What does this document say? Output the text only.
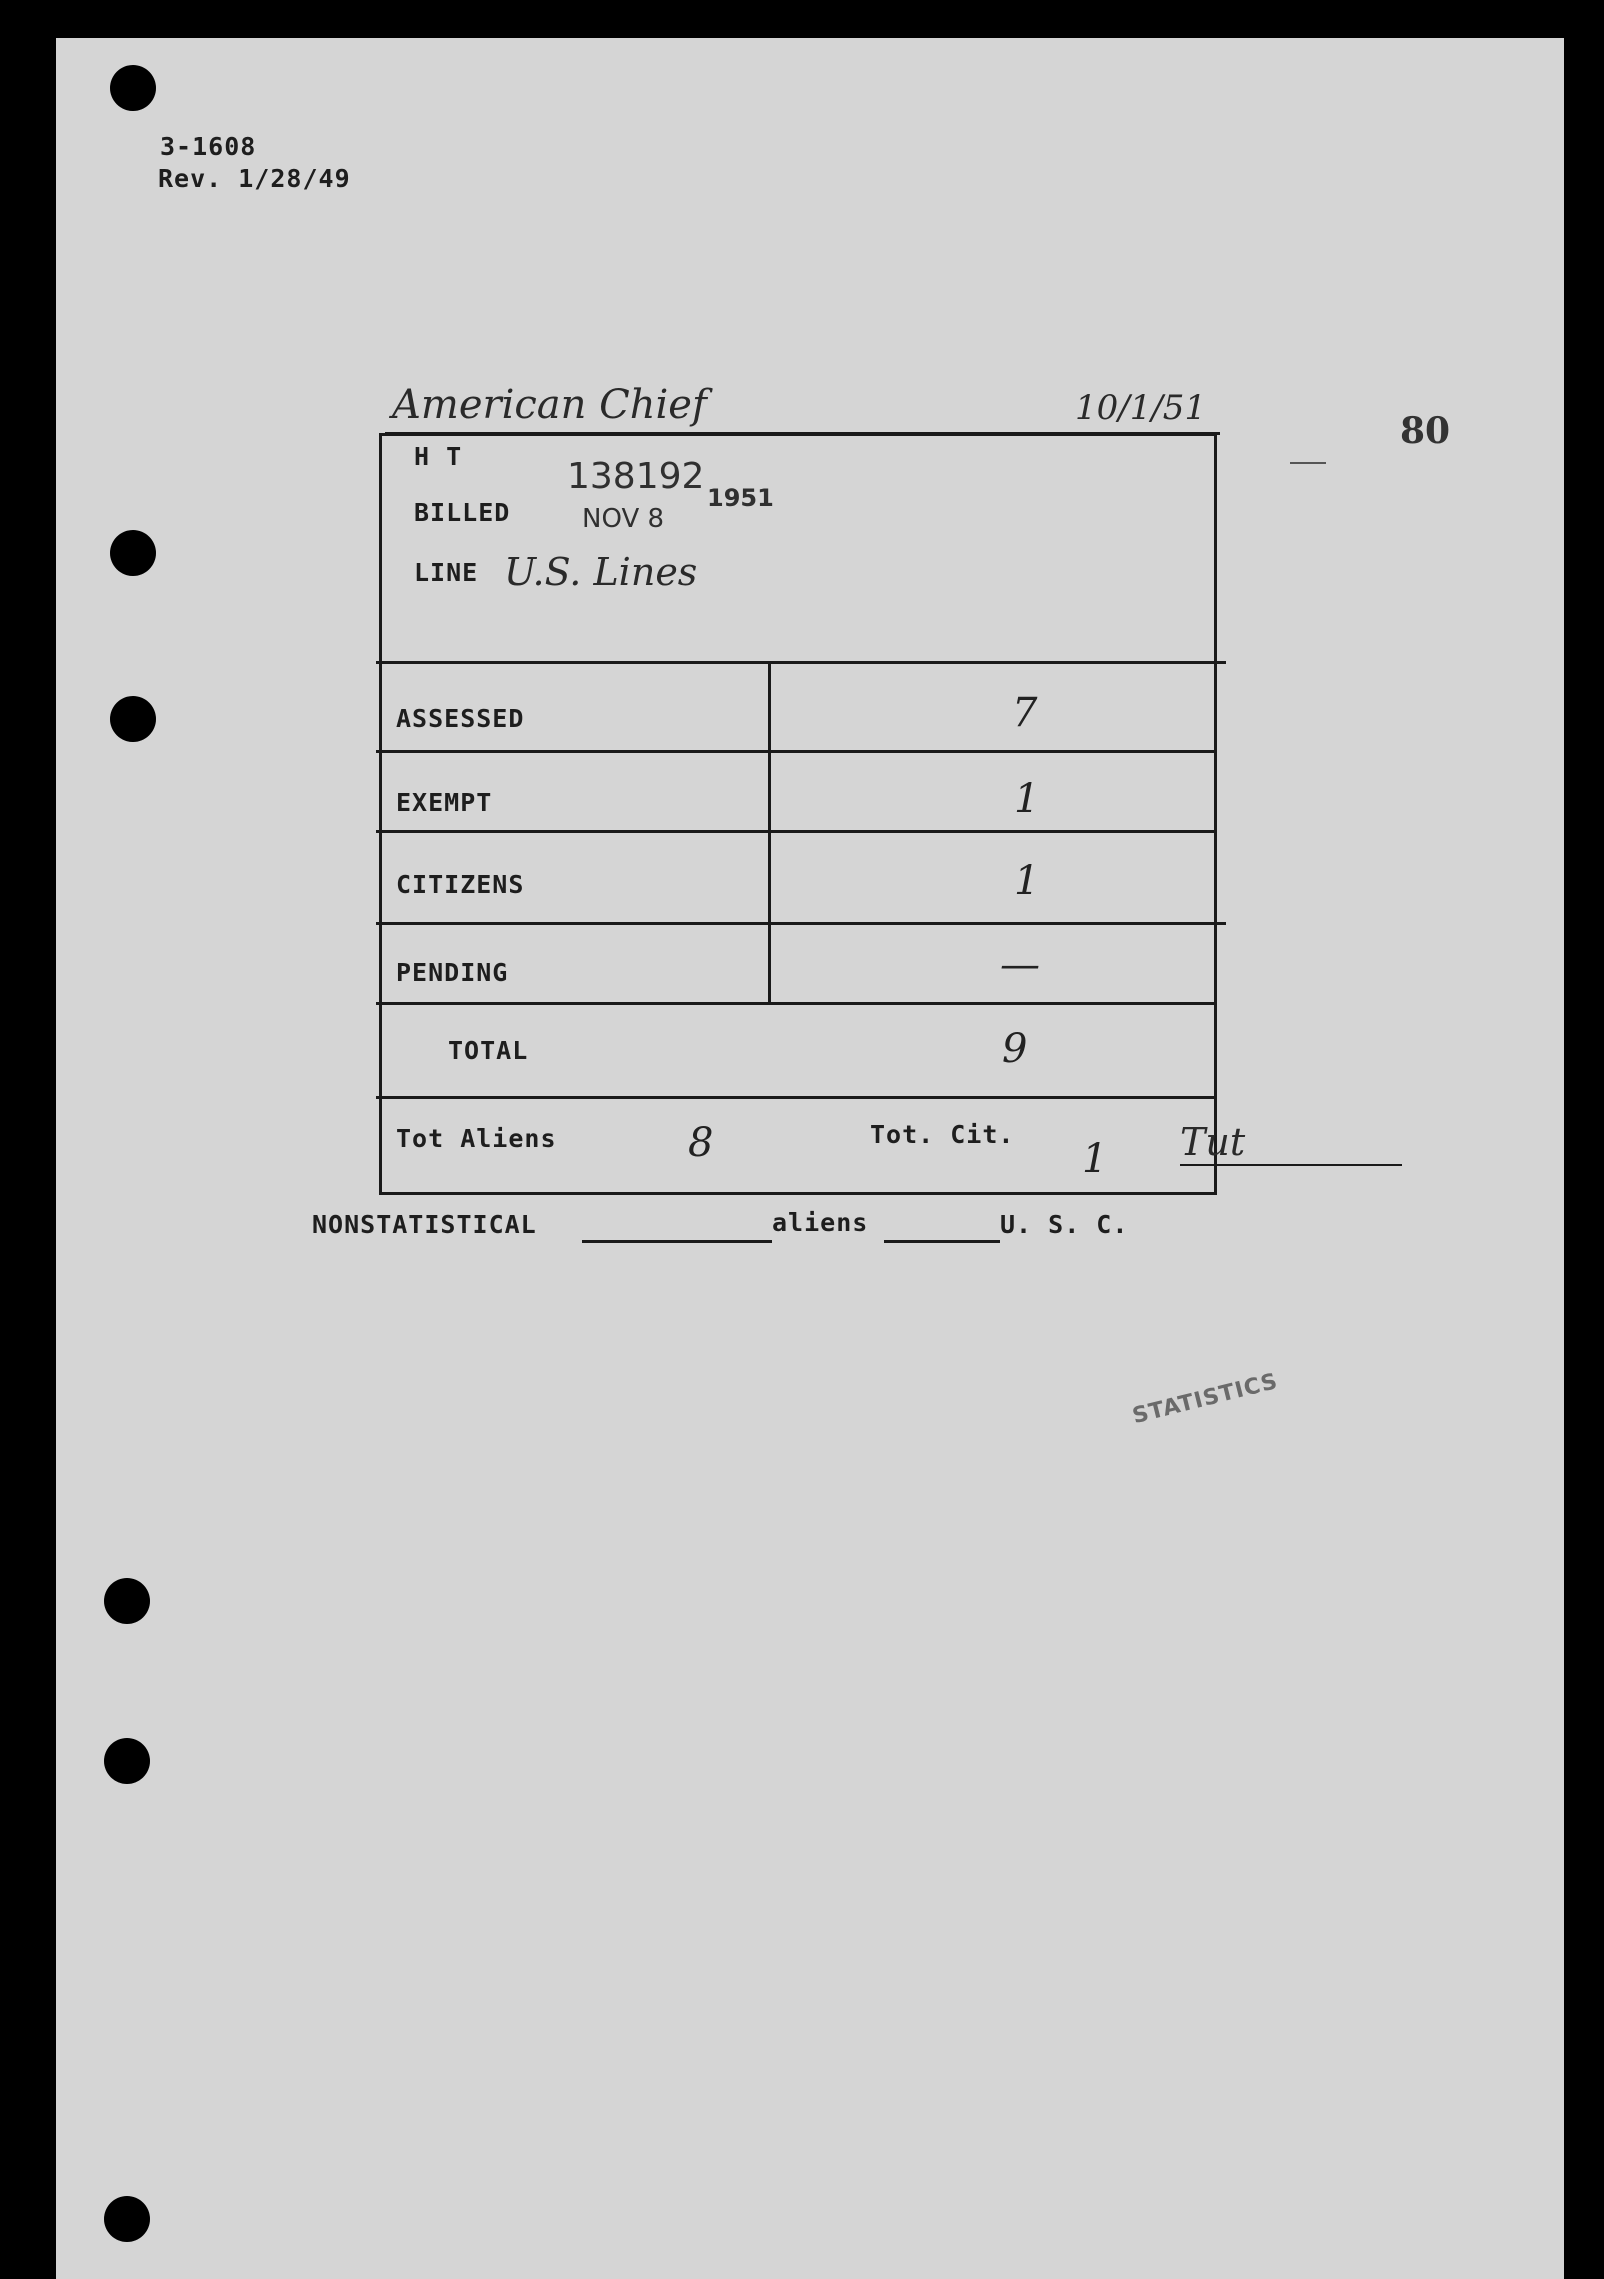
3-1608
Rev. 1/28/49
American Chief	10/1/51
80
H T	138192
BILLED	NOV 8
1951
LINE U.S. Lines
ASSESSED	7
EXEMPT	1
CITIZENS	1
PENDING	—
TOTAL	9
Tot Aliens	8	Tot. Cit.
1 Tut
NONSTATISTICAL	aliens	U. S. C.
STATISTICS
